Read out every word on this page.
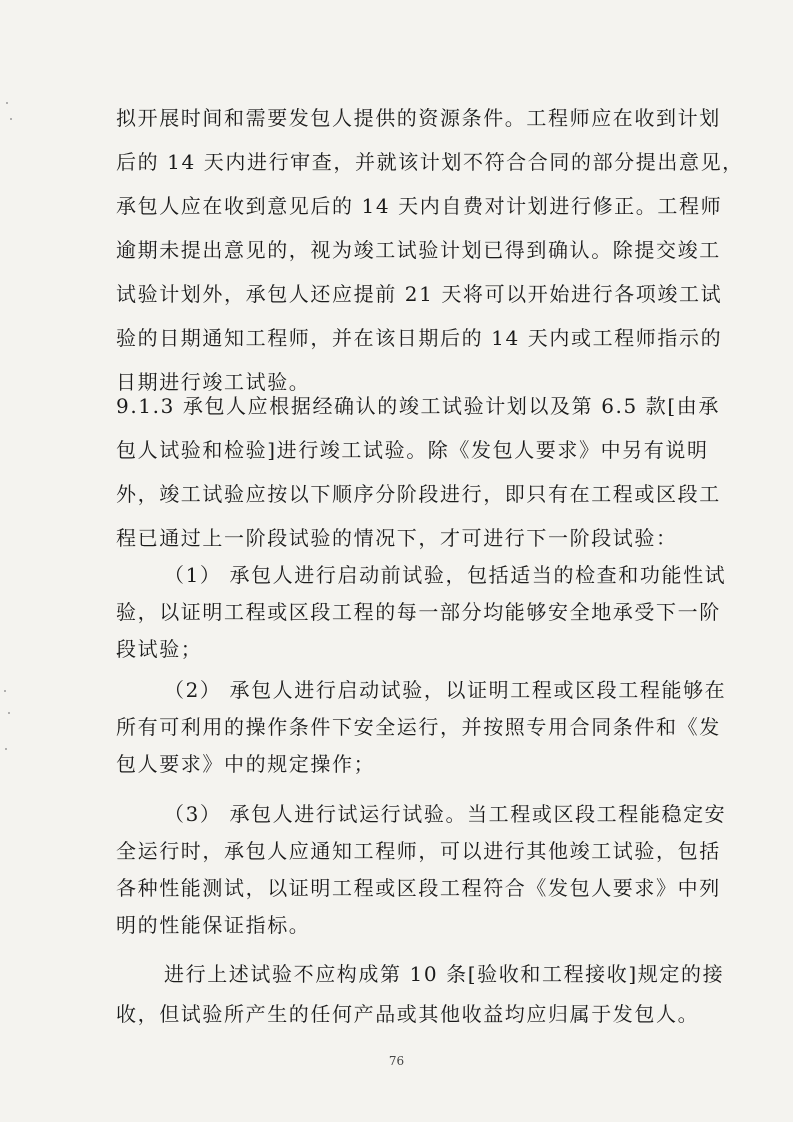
拟开展时间和需要发包人提供的资源条件。工程师应在收到计划
后的 14 天内进行审查，并就该计划不符合合同的部分提出意见，
承包人应在收到意见后的 14 天内自费对计划进行修正。工程师
逾期未提出意见的，视为竣工试验计划已得到确认。除提交竣工
试验计划外，承包人还应提前 21 天将可以开始进行各项竣工试
验的日期通知工程师，并在该日期后的 14 天内或工程师指示的
日期进行竣工试验。
9.1.3 承包人应根据经确认的竣工试验计划以及第 6.5 款[由承
包人试验和检验]进行竣工试验。除《发包人要求》中另有说明
外，竣工试验应按以下顺序分阶段进行，即只有在工程或区段工
程已通过上一阶段试验的情况下，才可进行下一阶段试验：
（1） 承包人进行启动前试验，包括适当的检查和功能性试
验，以证明工程或区段工程的每一部分均能够安全地承受下一阶
段试验；
（2） 承包人进行启动试验，以证明工程或区段工程能够在
所有可利用的操作条件下安全运行，并按照专用合同条件和《发
包人要求》中的规定操作；
（3） 承包人进行试运行试验。当工程或区段工程能稳定安
全运行时，承包人应通知工程师，可以进行其他竣工试验，包括
各种性能测试，以证明工程或区段工程符合《发包人要求》中列
明的性能保证指标。
进行上述试验不应构成第 10 条[验收和工程接收]规定的接
收，但试验所产生的任何产品或其他收益均应归属于发包人。
76
